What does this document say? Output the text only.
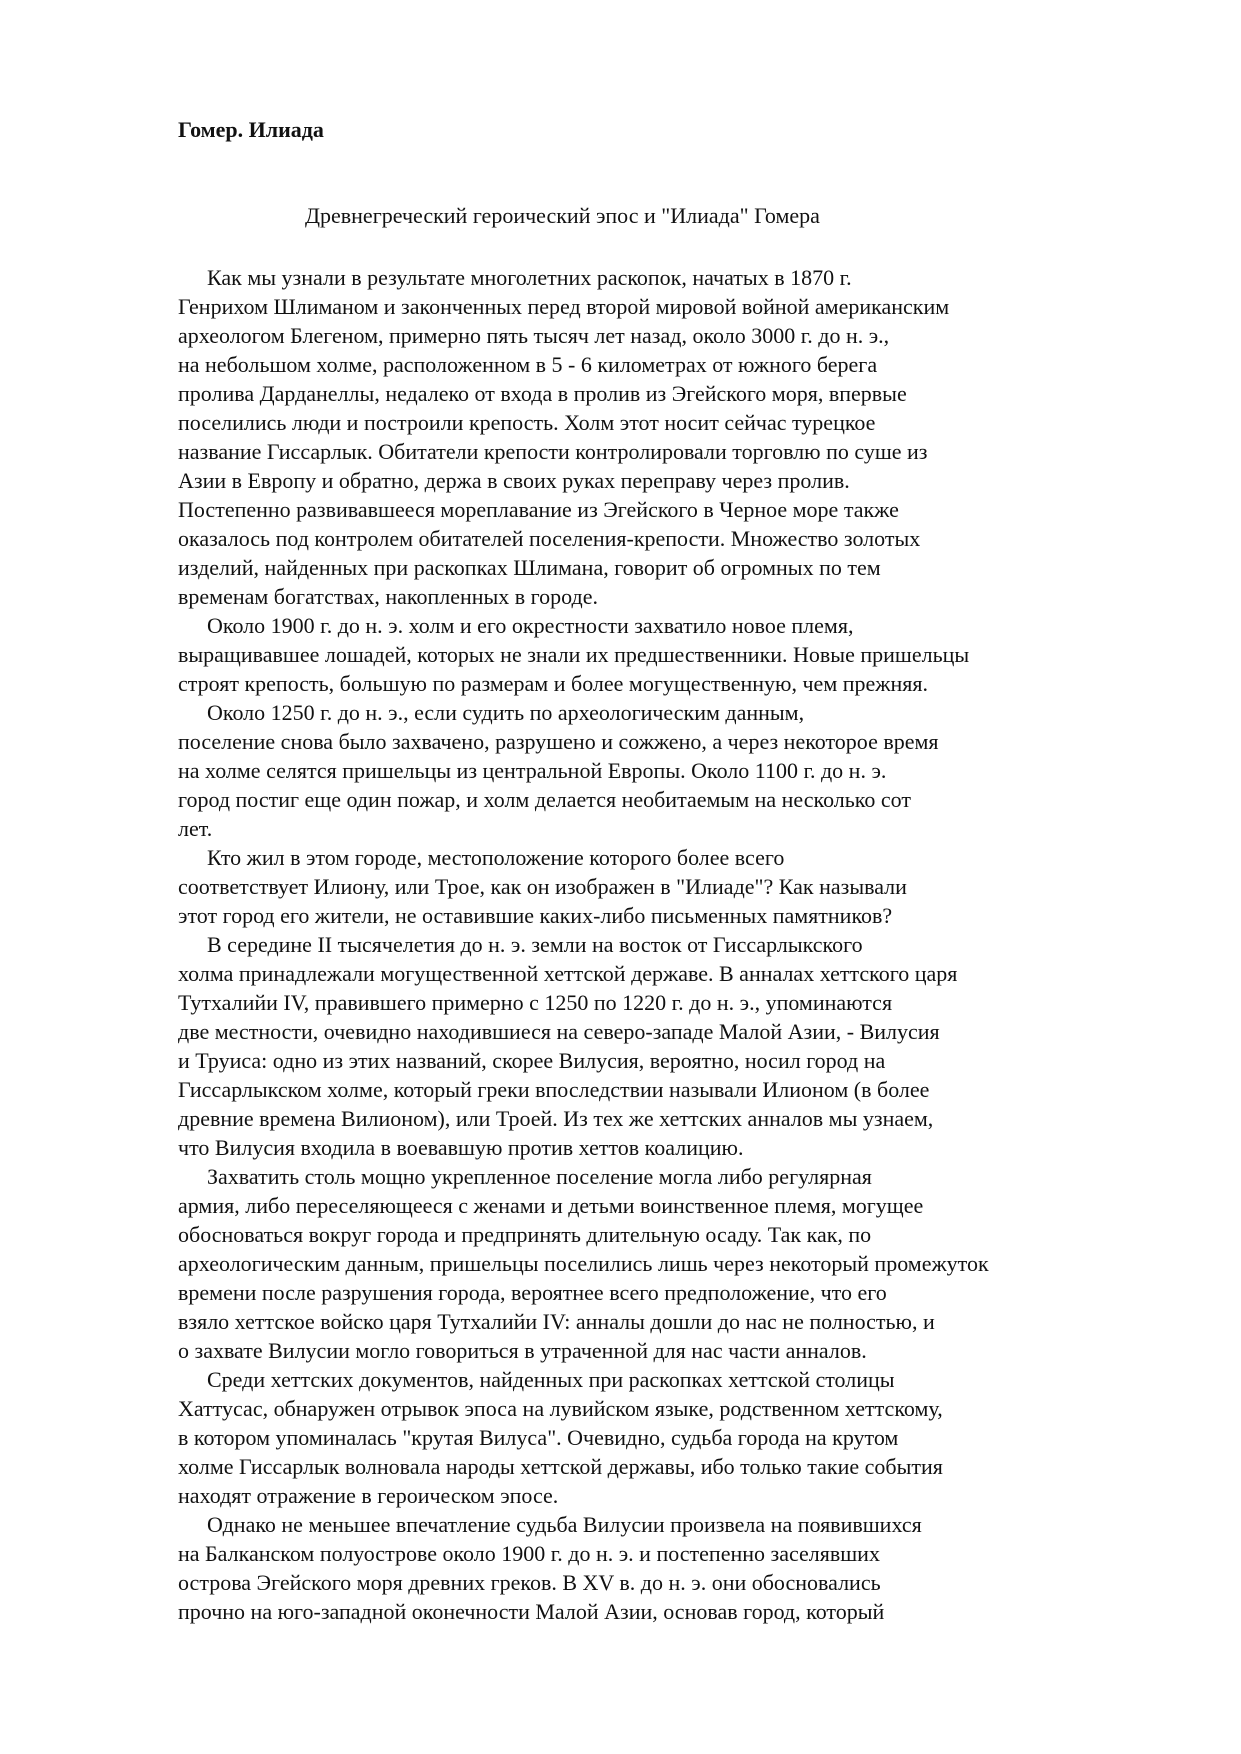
Гомер. Илиада
Древнегреческий героический эпос и "Илиада" Гомера
Как мы узнали в результате многолетних раскопок, начатых в 1870 г.
Генрихом Шлиманом и законченных перед второй мировой войной американским
археологом Блегеном, примерно пять тысяч лет назад, около 3000 г. до н. э.,
на небольшом холме, расположенном в 5 - 6 километрах от южного берега
пролива Дарданеллы, недалеко от входа в пролив из Эгейского моря, впервые
поселились люди и построили крепость. Холм этот носит сейчас турецкое
название Гиссарлык. Обитатели крепости контролировали торговлю по суше из
Азии в Европу и обратно, держа в своих руках переправу через пролив.
Постепенно развивавшееся мореплавание из Эгейского в Черное море также
оказалось под контролем обитателей поселения-крепости. Множество золотых
изделий, найденных при раскопках Шлимана, говорит об огромных по тем
временам богатствах, накопленных в городе.
Около 1900 г. до н. э. холм и его окрестности захватило новое племя,
выращивавшее лошадей, которых не знали их предшественники. Новые пришельцы
строят крепость, большую по размерам и более могущественную, чем прежняя.
Около 1250 г. до н. э., если судить по археологическим данным,
поселение снова было захвачено, разрушено и сожжено, а через некоторое время
на холме селятся пришельцы из центральной Европы. Около 1100 г. до н. э.
город постиг еще один пожар, и холм делается необитаемым на несколько сот
лет.
Кто жил в этом городе, местоположение которого более всего
соответствует Илиону, или Трое, как он изображен в "Илиаде"? Как называли
этот город его жители, не оставившие каких-либо письменных памятников?
В середине II тысячелетия до н. э. земли на восток от Гиссарлыкского
холма принадлежали могущественной хеттской державе. В анналах хеттского царя
Тутхалийи IV, правившего примерно с 1250 по 1220 г. до н. э., упоминаются
две местности, очевидно находившиеся на северо-западе Малой Азии, - Вилусия
и Труиса: одно из этих названий, скорее Вилусия, вероятно, носил город на
Гиссарлыкском холме, который греки впоследствии называли Илионом (в более
древние времена Вилионом), или Троей. Из тех же хеттских анналов мы узнаем,
что Вилусия входила в воевавшую против хеттов коалицию.
Захватить столь мощно укрепленное поселение могла либо регулярная
армия, либо переселяющееся с женами и детьми воинственное племя, могущее
обосноваться вокруг города и предпринять длительную осаду. Так как, по
археологическим данным, пришельцы поселились лишь через некоторый промежуток
времени после разрушения города, вероятнее всего предположение, что его
взяло хеттское войско царя Тутхалийи IV: анналы дошли до нас не полностью, и
о захвате Вилусии могло говориться в утраченной для нас части анналов.
Среди хеттских документов, найденных при раскопках хеттской столицы
Хаттусас, обнаружен отрывок эпоса на лувийском языке, родственном хеттскому,
в котором упоминалась "крутая Вилуса". Очевидно, судьба города на крутом
холме Гиссарлык волновала народы хеттской державы, ибо только такие события
находят отражение в героическом эпосе.
Однако не меньшее впечатление судьба Вилусии произвела на появившихся
на Балканском полуострове около 1900 г. до н. э. и постепенно заселявших
острова Эгейского моря древних греков. В XV в. до н. э. они обосновались
прочно на юго-западной оконечности Малой Азии, основав город, который
